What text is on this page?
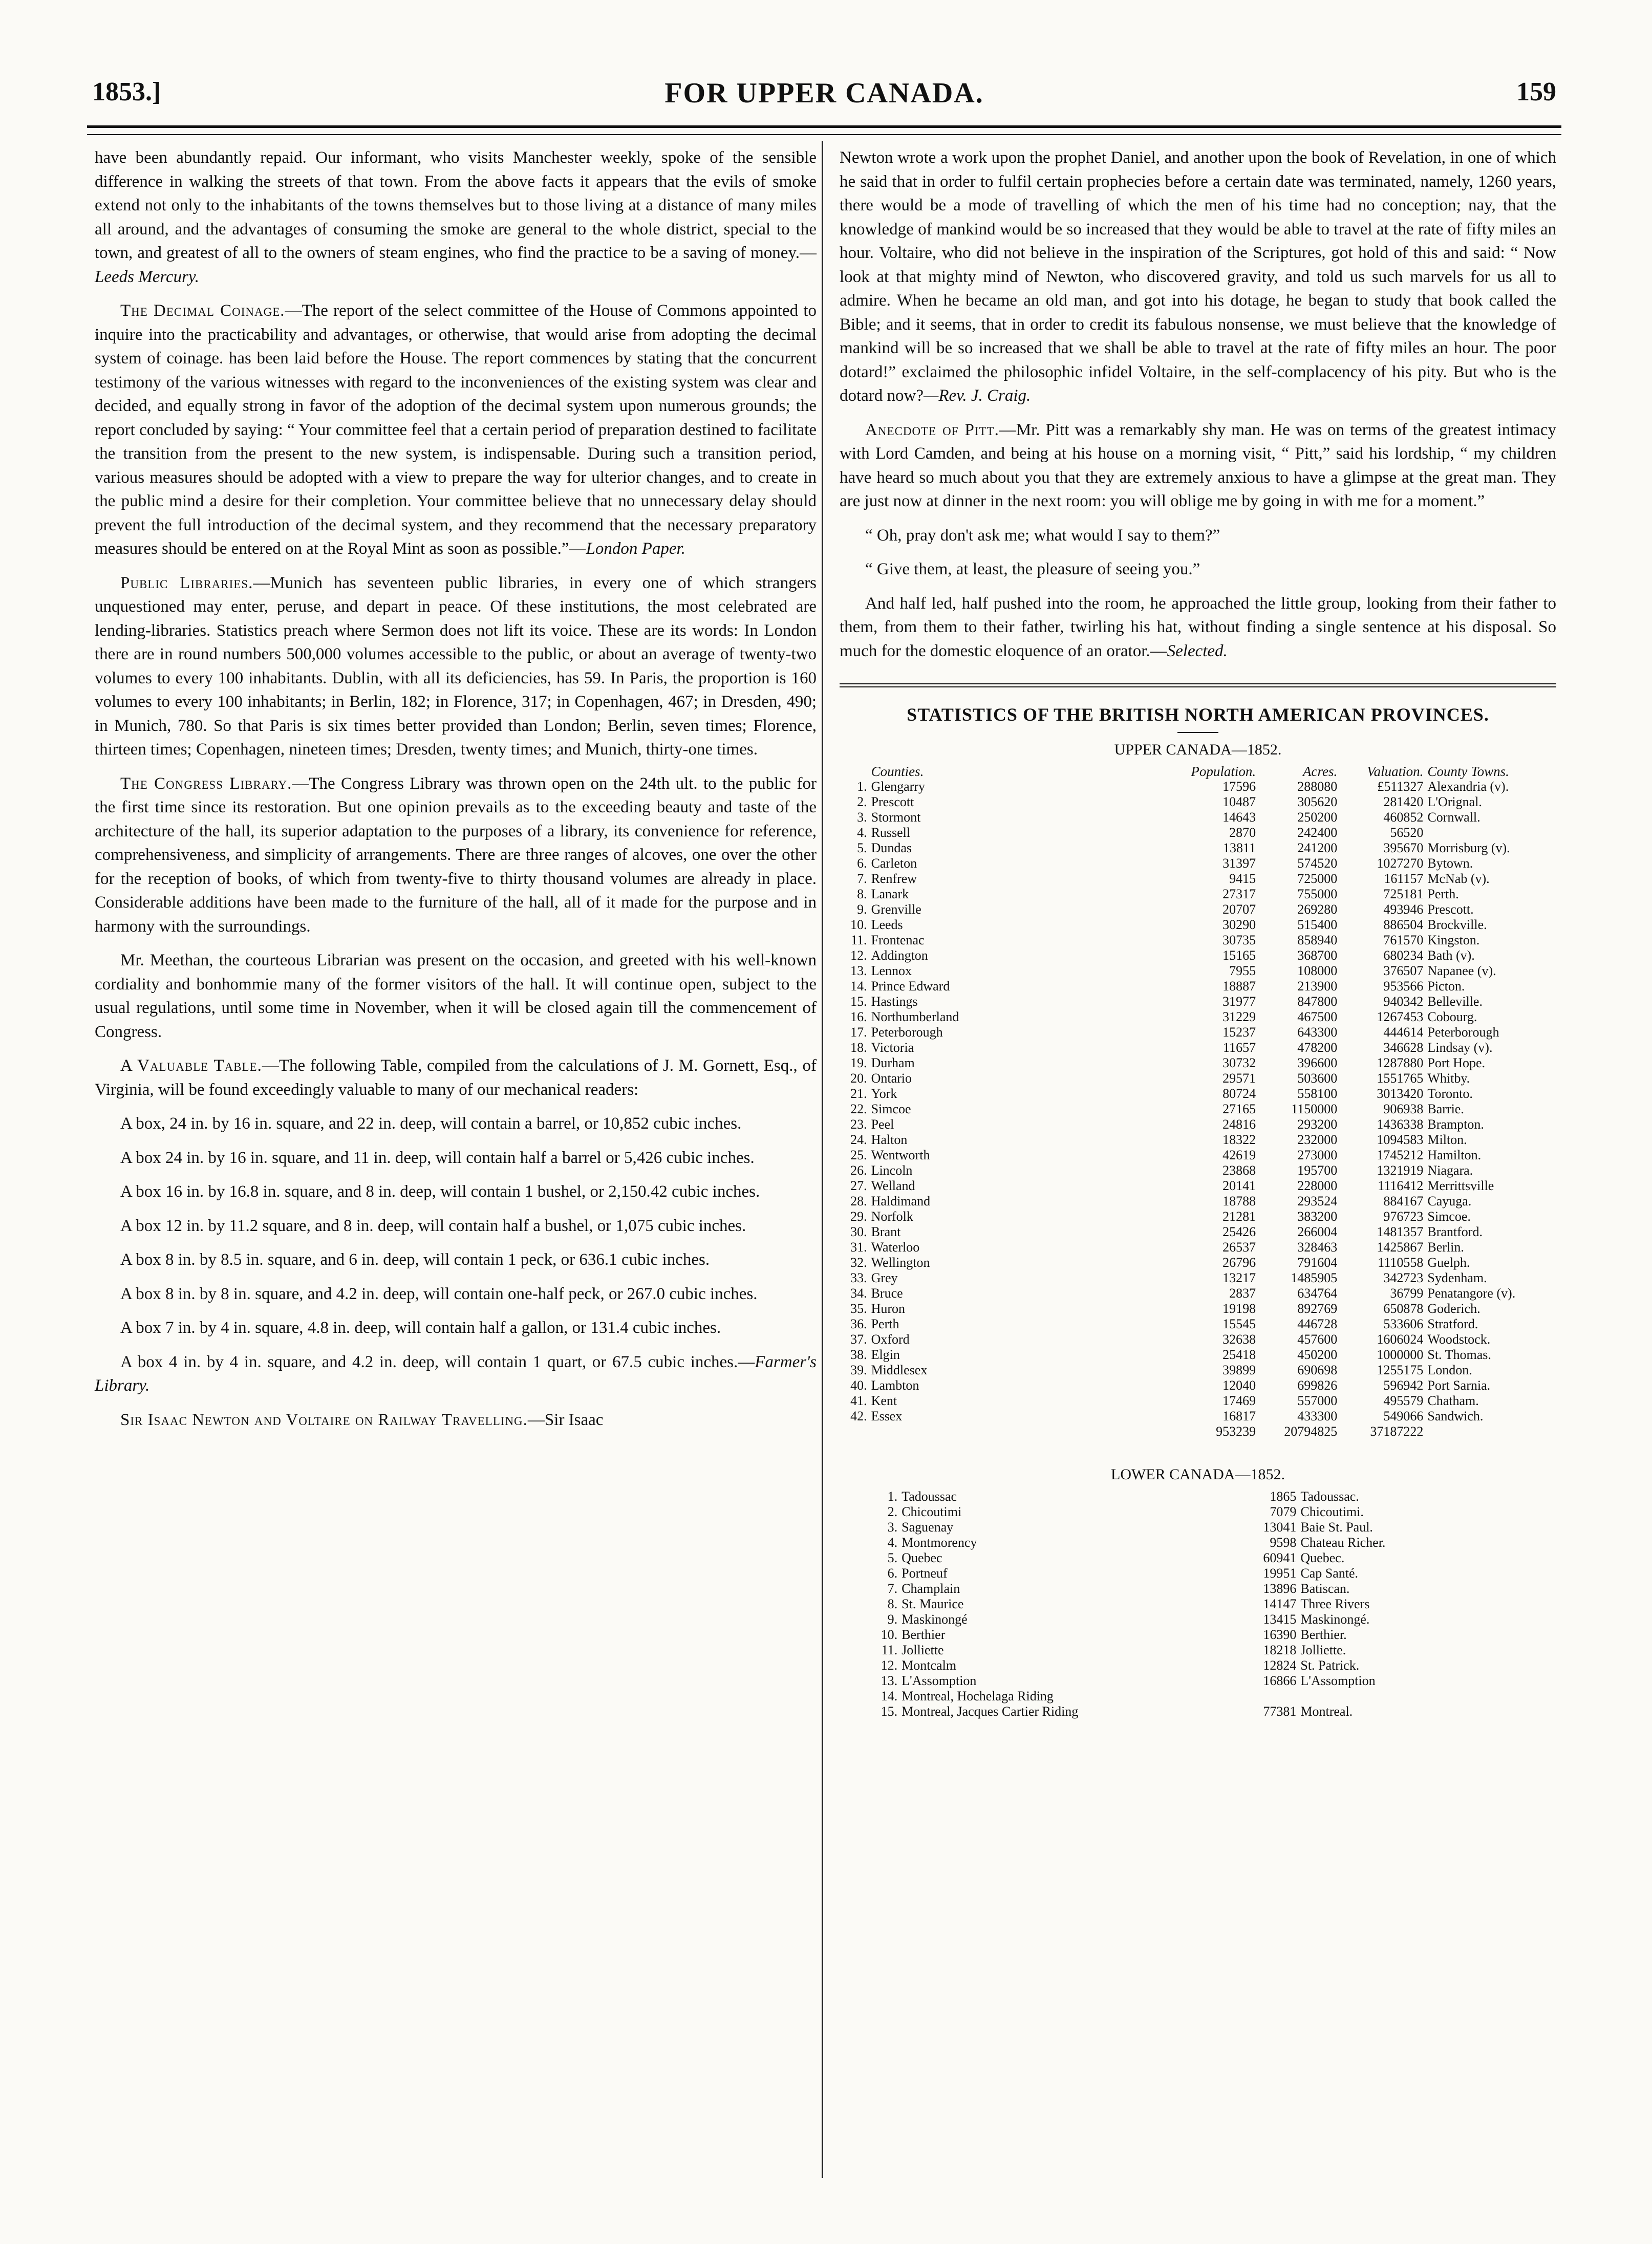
1853.]	FOR UPPER CANADA.	159

have been abundantly repaid. Our informant, who visits Manchester weekly, spoke of the sensible difference in walking the streets of that town. From the above facts it appears that the evils of smoke extend not only to the inhabitants of the towns themselves but to those living at a distance of many miles all around, and the advantages of consuming the smoke are general to the whole district, special to the town, and greatest of all to the owners of steam engines, who find the practice to be a saving of money.—Leeds Mercury.

The Decimal Coinage.—The report of the select committee of the House of Commons appointed to inquire into the practicability and advantages, or otherwise, that would arise from adopting the decimal system of coinage. has been laid before the House. The report commences by stating that the concurrent testimony of the various witnesses with regard to the inconveniences of the existing system was clear and decided, and equally strong in favor of the adoption of the decimal system upon numerous grounds; the report concluded by saying: “ Your committee feel that a certain period of preparation destined to facilitate the transition from the present to the new system, is indispensable. During such a transition period, various measures should be adopted with a view to prepare the way for ulterior changes, and to create in the public mind a desire for their completion. Your committee believe that no unnecessary delay should prevent the full introduction of the decimal system, and they recommend that the necessary preparatory measures should be entered on at the Royal Mint as soon as possible.”—London Paper.

Public Libraries.—Munich has seventeen public libraries, in every one of which strangers unquestioned may enter, peruse, and depart in peace. Of these institutions, the most celebrated are lending-libraries. Statistics preach where Sermon does not lift its voice. These are its words: In London there are in round numbers 500,000 volumes accessible to the public, or about an average of twenty-two volumes to every 100 inhabitants. Dublin, with all its deficiencies, has 59. In Paris, the proportion is 160 volumes to every 100 inhabitants; in Berlin, 182; in Florence, 317; in Copenhagen, 467; in Dresden, 490; in Munich, 780. So that Paris is six times better provided than London; Berlin, seven times; Florence, thirteen times; Copenhagen, nineteen times; Dresden, twenty times; and Munich, thirty-one times.

The Congress Library.—The Congress Library was thrown open on the 24th ult. to the public for the first time since its restoration. But one opinion prevails as to the exceeding beauty and taste of the architecture of the hall, its superior adaptation to the purposes of a library, its convenience for reference, comprehensiveness, and simplicity of arrangements. There are three ranges of alcoves, one over the other for the reception of books, of which from twenty-five to thirty thousand volumes are already in place. Considerable additions have been made to the furniture of the hall, all of it made for the purpose and in harmony with the surroundings.

Mr. Meethan, the courteous Librarian was present on the occasion, and greeted with his well-known cordiality and bonhommie many of the former visitors of the hall. It will continue open, subject to the usual regulations, until some time in November, when it will be closed again till the commencement of Congress.

A Valuable Table.—The following Table, compiled from the calculations of J. M. Gornett, Esq., of Virginia, will be found exceedingly valuable to many of our mechanical readers:

A box, 24 in. by 16 in. square, and 22 in. deep, will contain a barrel, or 10,852 cubic inches.

A box 24 in. by 16 in. square, and 11 in. deep, will contain half a barrel or 5,426 cubic inches.

A box 16 in. by 16.8 in. square, and 8 in. deep, will contain 1 bushel, or 2,150.42 cubic inches.

A box 12 in. by 11.2 square, and 8 in. deep, will contain half a bushel, or 1,075 cubic inches.

A box 8 in. by 8.5 in. square, and 6 in. deep, will contain 1 peck, or 636.1 cubic inches.

A box 8 in. by 8 in. square, and 4.2 in. deep, will contain one-half peck, or 267.0 cubic inches.

A box 7 in. by 4 in. square, 4.8 in. deep, will contain half a gallon, or 131.4 cubic inches.

A box 4 in. by 4 in. square, and 4.2 in. deep, will contain 1 quart, or 67.5 cubic inches.—Farmer's Library.

Sir Isaac Newton and Voltaire on Railway Travelling.—Sir Isaac

Newton wrote a work upon the prophet Daniel, and another upon the book of Revelation, in one of which he said that in order to fulfil certain prophecies before a certain date was terminated, namely, 1260 years, there would be a mode of travelling of which the men of his time had no conception; nay, that the knowledge of mankind would be so increased that they would be able to travel at the rate of fifty miles an hour. Voltaire, who did not believe in the inspiration of the Scriptures, got hold of this and said: “ Now look at that mighty mind of Newton, who discovered gravity, and told us such marvels for us all to admire. When he became an old man, and got into his dotage, he began to study that book called the Bible; and it seems, that in order to credit its fabulous nonsense, we must believe that the knowledge of mankind will be so increased that we shall be able to travel at the rate of fifty miles an hour. The poor dotard!” exclaimed the philosophic infidel Voltaire, in the self-complacency of his pity. But who is the dotard now?—Rev. J. Craig.

Anecdote of Pitt.—Mr. Pitt was a remarkably shy man. He was on terms of the greatest intimacy with Lord Camden, and being at his house on a morning visit, “ Pitt,” said his lordship, “ my children have heard so much about you that they are extremely anxious to have a glimpse at the great man. They are just now at dinner in the next room: you will oblige me by going in with me for a moment.”

“ Oh, pray don't ask me; what would I say to them?”

“ Give them, at least, the pleasure of seeing you.”

And half led, half pushed into the room, he approached the little group, looking from their father to them, from them to their father, twirling his hat, without finding a single sentence at his disposal. So much for the domestic eloquence of an orator.—Selected.

STATISTICS OF THE BRITISH NORTH AMERICAN PROVINCES.
UPPER CANADA—1852.
	Counties.	Population.	Acres.	Valuation.	County Towns.
1.	Glengarry	17596	288080	£511327	Alexandria (v).
2.	Prescott	10487	305620	281420	L'Orignal.
3.	Stormont	14643	250200	460852	Cornwall.
4.	Russell	2870	242400	56520	
5.	Dundas	13811	241200	395670	Morrisburg (v).
6.	Carleton	31397	574520	1027270	Bytown.
7.	Renfrew	9415	725000	161157	McNab (v).
8.	Lanark	27317	755000	725181	Perth.
9.	Grenville	20707	269280	493946	Prescott.
10.	Leeds	30290	515400	886504	Brockville.
11.	Frontenac	30735	858940	761570	Kingston.
12.	Addington	15165	368700	680234	Bath (v).
13.	Lennox	7955	108000	376507	Napanee (v).
14.	Prince Edward	18887	213900	953566	Picton.
15.	Hastings	31977	847800	940342	Belleville.
16.	Northumberland	31229	467500	1267453	Cobourg.
17.	Peterborough	15237	643300	444614	Peterborough
18.	Victoria	11657	478200	346628	Lindsay (v).
19.	Durham	30732	396600	1287880	Port Hope.
20.	Ontario	29571	503600	1551765	Whitby.
21.	York	80724	558100	3013420	Toronto.
22.	Simcoe	27165	1150000	906938	Barrie.
23.	Peel	24816	293200	1436338	Brampton.
24.	Halton	18322	232000	1094583	Milton.
25.	Wentworth	42619	273000	1745212	Hamilton.
26.	Lincoln	23868	195700	1321919	Niagara.
27.	Welland	20141	228000	1116412	Merrittsville
28.	Haldimand	18788	293524	884167	Cayuga.
29.	Norfolk	21281	383200	976723	Simcoe.
30.	Brant	25426	266004	1481357	Brantford.
31.	Waterloo	26537	328463	1425867	Berlin.
32.	Wellington	26796	791604	1110558	Guelph.
33.	Grey	13217	1485905	342723	Sydenham.
34.	Bruce	2837	634764	36799	Penatangore (v).
35.	Huron	19198	892769	650878	Goderich.
36.	Perth	15545	446728	533606	Stratford.
37.	Oxford	32638	457600	1606024	Woodstock.
38.	Elgin	25418	450200	1000000	St. Thomas.
39.	Middlesex	39899	690698	1255175	London.
40.	Lambton	12040	699826	596942	Port Sarnia.
41.	Kent	17469	557000	495579	Chatham.
42.	Essex	16817	433300	549066	Sandwich.
		953239	20794825	37187222	
LOWER CANADA—1852.
1.	Tadoussac	1865	Tadoussac.
2.	Chicoutimi	7079	Chicoutimi.
3.	Saguenay	13041	Baie St. Paul.
4.	Montmorency	9598	Chateau Richer.
5.	Quebec	60941	Quebec.
6.	Portneuf	19951	Cap Santé.
7.	Champlain	13896	Batiscan.
8.	St. Maurice	14147	Three Rivers
9.	Maskinongé	13415	Maskinongé.
10.	Berthier	16390	Berthier.
11.	Jolliette	18218	Jolliette.
12.	Montcalm	12824	St. Patrick.
13.	L'Assomption	16866	L'Assomption
14.	Montreal, Hochelaga Riding		
15.	Montreal, Jacques Cartier Riding	77381	Montreal.
